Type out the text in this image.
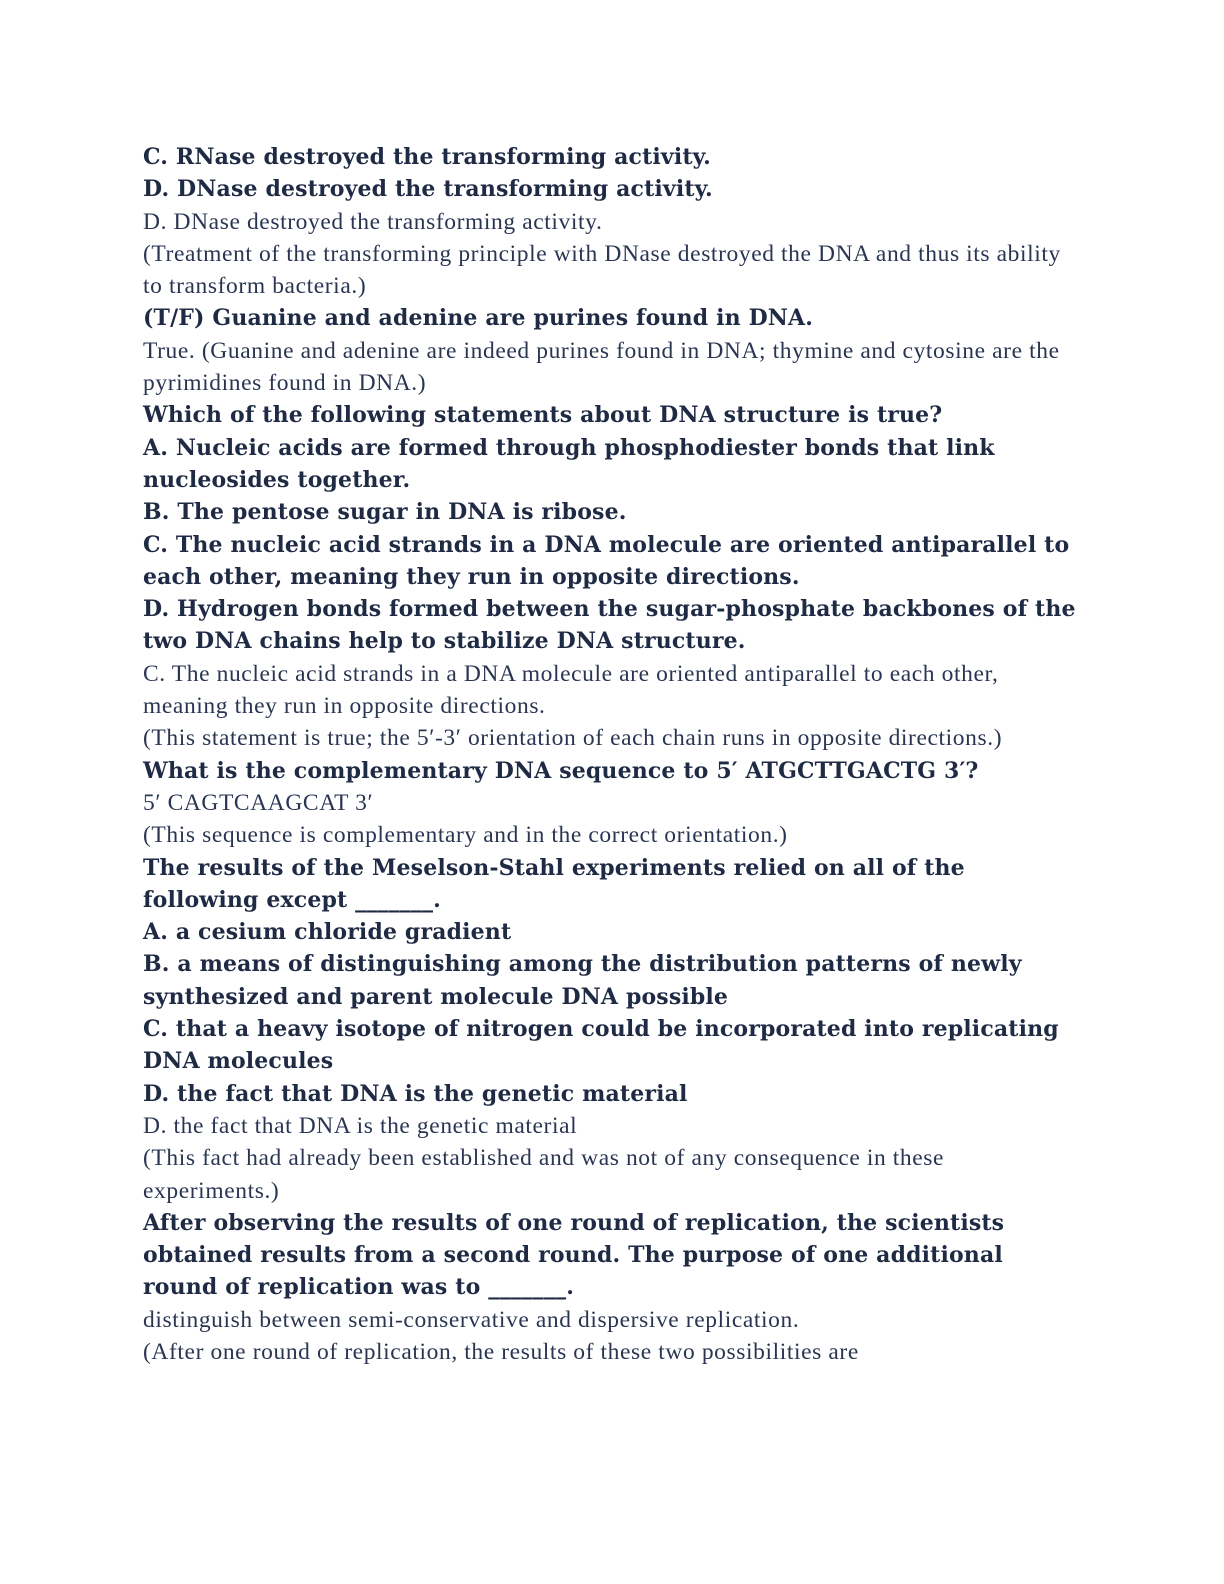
C. RNase destroyed the transforming activity.

D. DNase destroyed the transforming activity.

D. DNase destroyed the transforming activity.

(Treatment of the transforming principle with DNase destroyed the DNA and thus its ability to transform bacteria.)

(T/F) Guanine and adenine are purines found in DNA.

True. (Guanine and adenine are indeed purines found in DNA; thymine and cytosine are the pyrimidines found in DNA.)

Which of the following statements about DNA structure is true?

A. Nucleic acids are formed through phosphodiester bonds that link nucleosides together.

B. The pentose sugar in DNA is ribose.

C. The nucleic acid strands in a DNA molecule are oriented antiparallel to each other, meaning they run in opposite directions.

D. Hydrogen bonds formed between the sugar-phosphate backbones of the two DNA chains help to stabilize DNA structure.

C. The nucleic acid strands in a DNA molecule are oriented antiparallel to each other, meaning they run in opposite directions.

(This statement is true; the 5′-3′ orientation of each chain runs in opposite directions.)

What is the complementary DNA sequence to 5′ ATGCTTGACTG 3′?

5′ CAGTCAAGCAT 3′

(This sequence is complementary and in the correct orientation.)

The results of the Meselson-Stahl experiments relied on all of the following except _______.

A. a cesium chloride gradient

B. a means of distinguishing among the distribution patterns of newly synthesized and parent molecule DNA possible

C. that a heavy isotope of nitrogen could be incorporated into replicating DNA molecules

D. the fact that DNA is the genetic material

D. the fact that DNA is the genetic material

(This fact had already been established and was not of any consequence in these experiments.)

After observing the results of one round of replication, the scientists obtained results from a second round. The purpose of one additional round of replication was to _______.

distinguish between semi-conservative and dispersive replication.

(After one round of replication, the results of these two possibilities are
